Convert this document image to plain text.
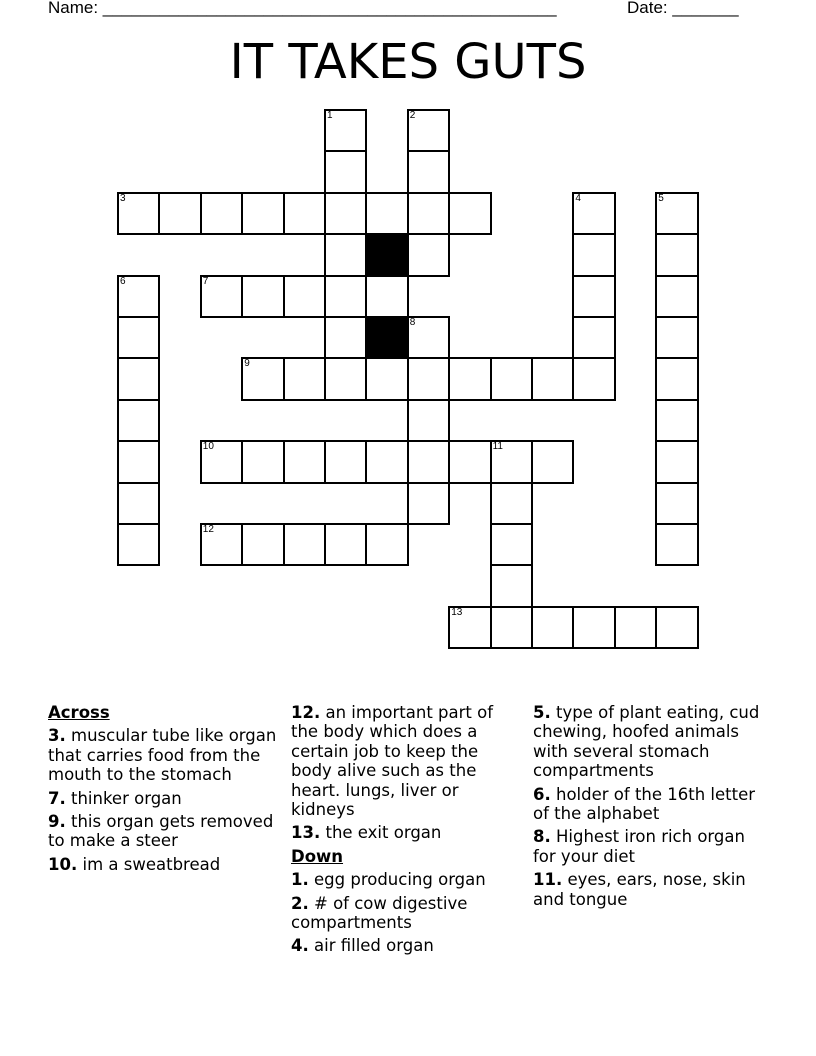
Name: ________________________________________________	Date: _______
IT TAKES GUTS
1	2
3	4	5
6	7
8
9
10	11
12
13
Across
3. muscular tube like organ that carries food from the mouth to the stomach
7. thinker organ
9. this organ gets removed to make a steer
10. im a sweatbread
12. an important part of the body which does a certain job to keep the body alive such as the heart. lungs, liver or kidneys
13. the exit organ
Down
1. egg producing organ
2. # of cow digestive compartments
4. air filled organ
5. type of plant eating, cud chewing, hoofed animals with several stomach compartments
6. holder of the 16th letter of the alphabet
8. Highest iron rich organ for your diet
11. eyes, ears, nose, skin and tongue
